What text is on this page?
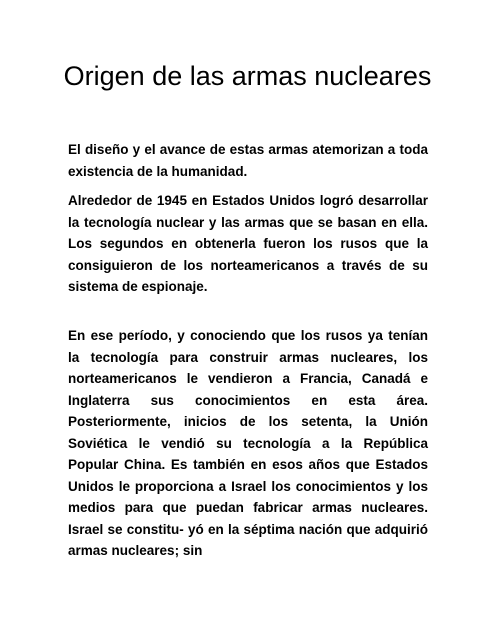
Origen de las armas nucleares

El diseño y el avance de estas armas atemorizan a toda existencia de la humanidad.

Alrededor de 1945 en Estados Unidos logró desarrollar la tecnología nuclear y las armas que se basan en ella. Los segundos en obtenerla fueron los rusos que la consiguieron de los norteamericanos a través de su sistema de espionaje.

En ese período, y conociendo que los rusos ya tenían la tecnología para construir armas nucleares, los norteamericanos le vendieron a Francia, Canadá e Inglaterra sus conocimientos en esta área. Posteriormente, inicios de los setenta, la Unión Soviética le vendió su tecnología a la República Popular China. Es también en esos años que Estados Unidos le proporciona a Israel los conocimientos y los medios para que puedan fabricar armas nucleares. Israel se constitu- yó en la séptima nación que adquirió armas nucleares; sin
